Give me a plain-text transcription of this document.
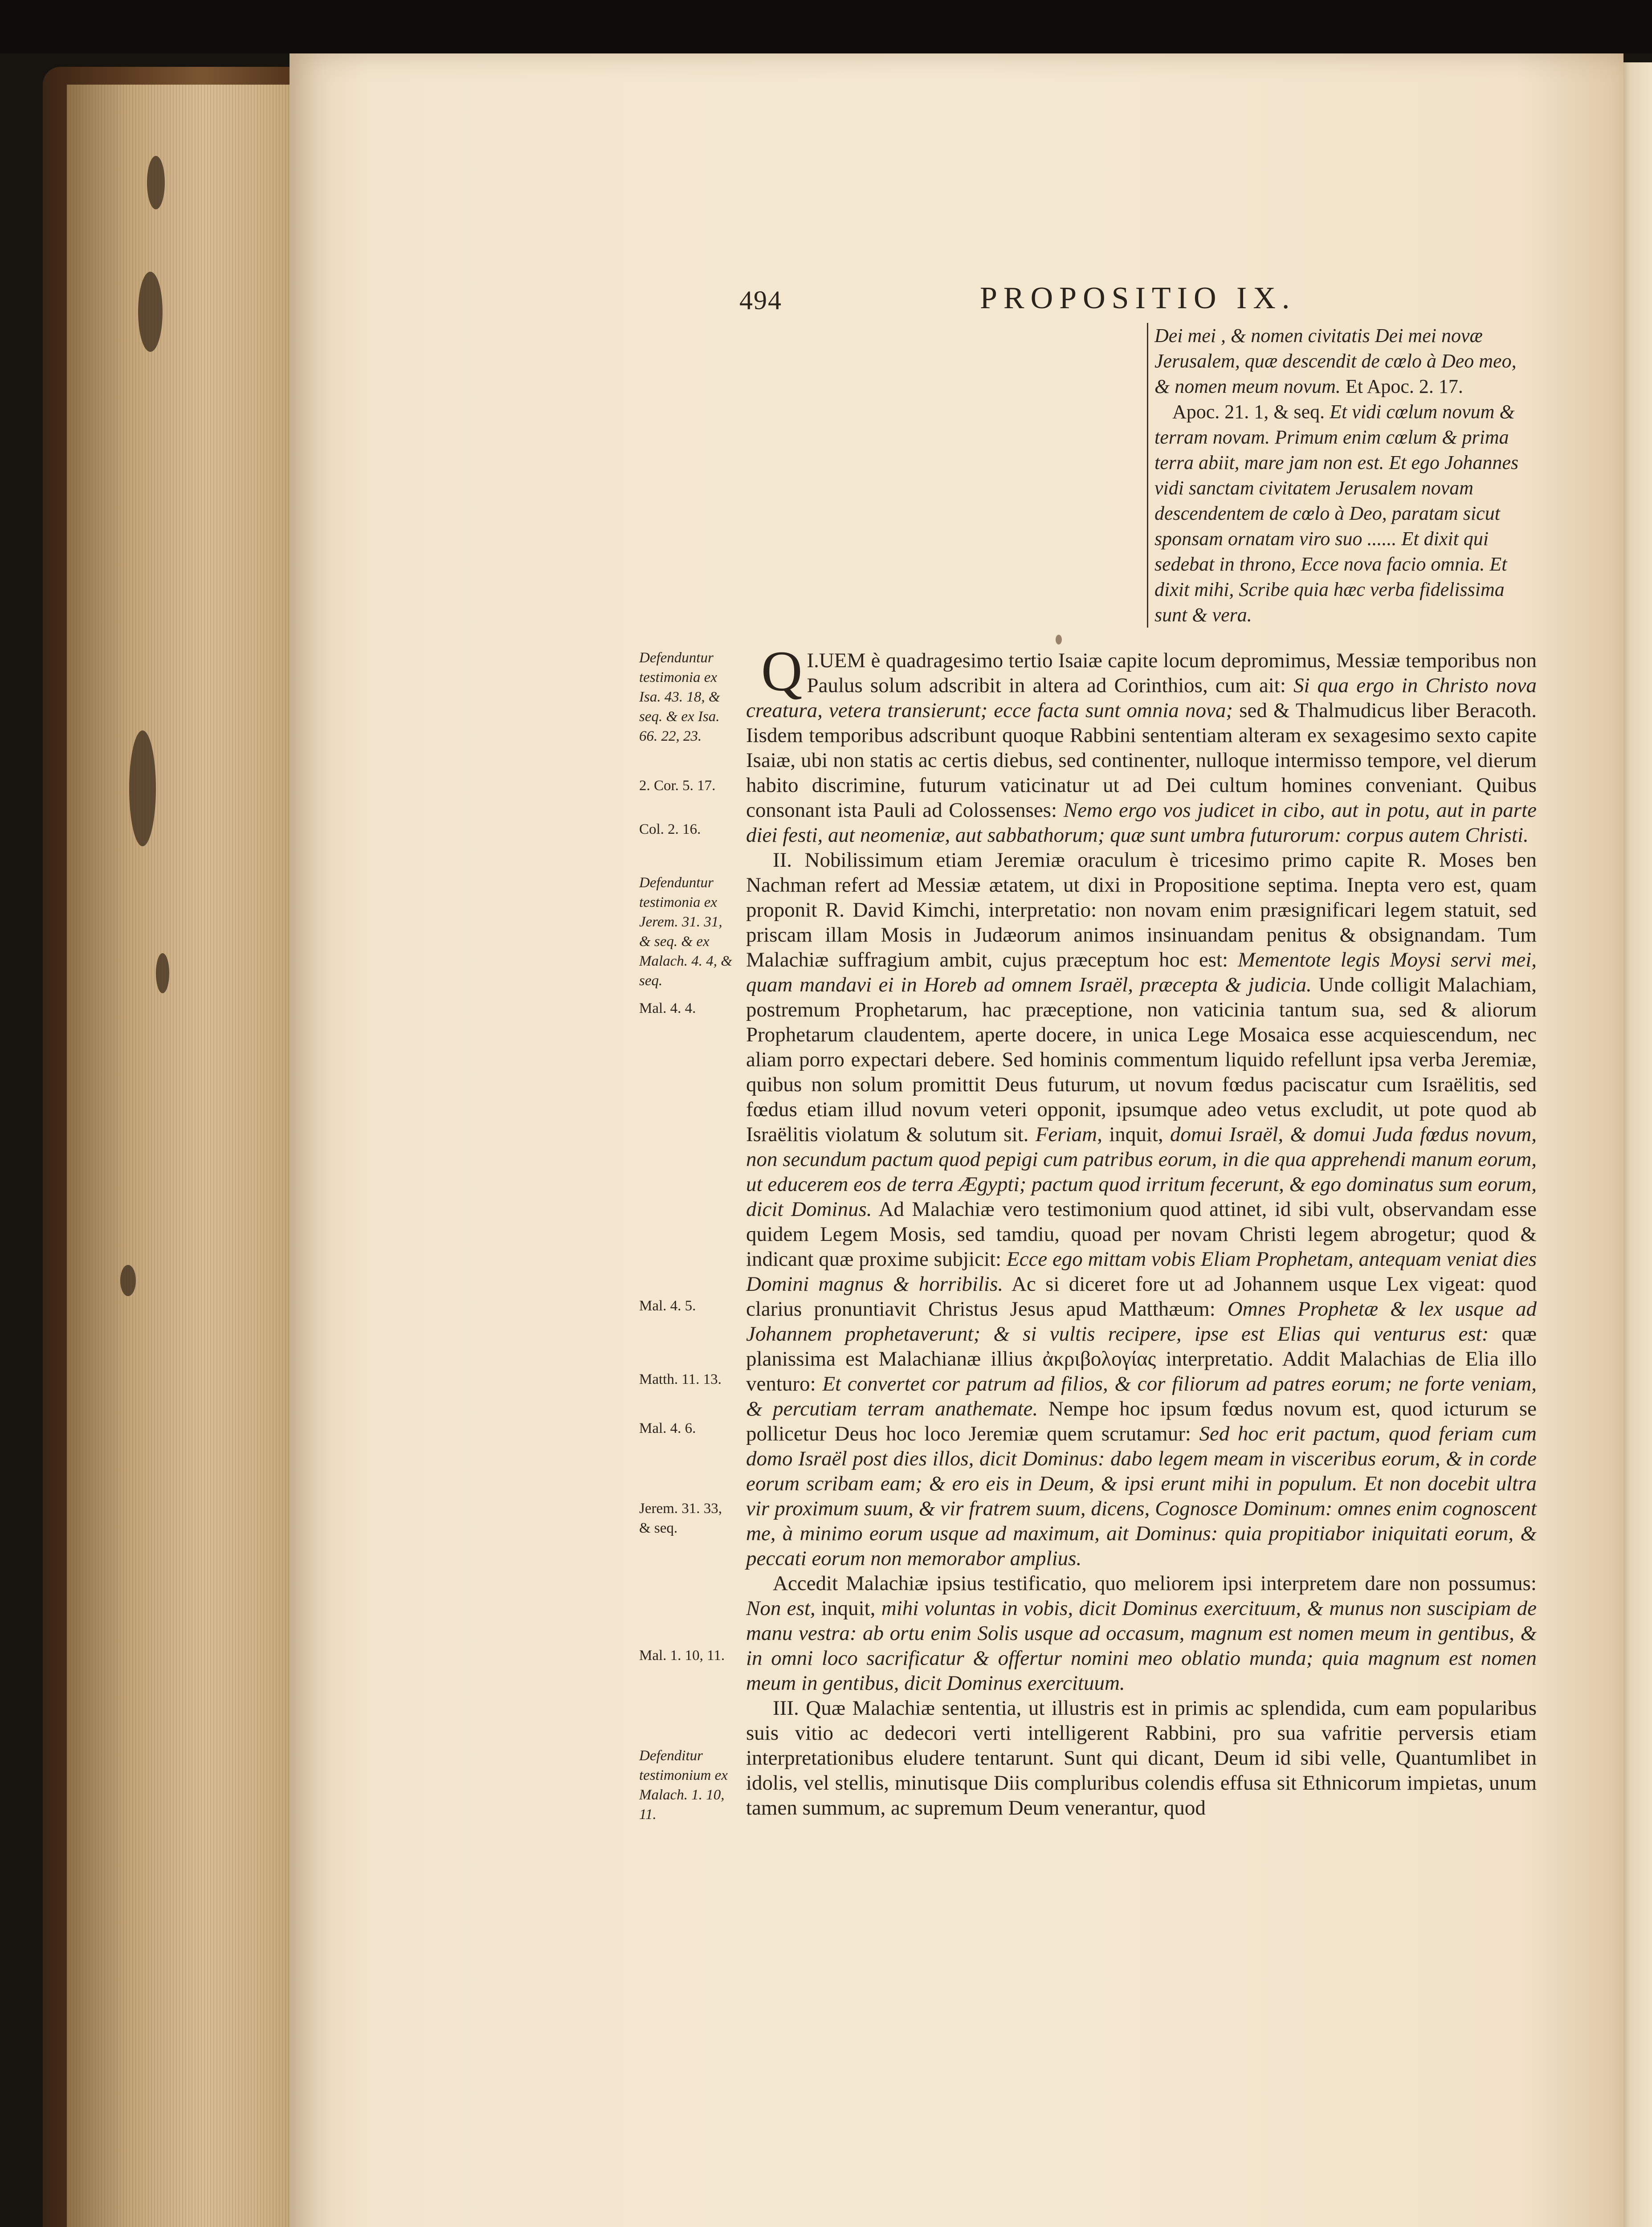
494	PROPOSITIO IX.

Dei mei , & nomen civitatis Dei mei novæ

Jerusalem, quæ descendit de cœlo à Deo meo,

& nomen meum novum. Et Apoc. 2. 17.

Apoc. 21. 1, & seq. Et vidi cœlum novum & terram novam. Primum enim cœlum & prima terra abiit, mare jam non est. Et ego Johannes vidi sanctam civitatem Jerusalem novam descendentem de cœlo à Deo, paratam sicut sponsam ornatam viro suo ...... Et dixit qui sedebat in throno, Ecce nova facio omnia. Et dixit mihi, Scribe quia hæc verba fidelissima sunt & vera.

Defenduntur testimonia ex Isa. 43. 18, & seq. & ex Isa. 66. 22, 23.
2. Cor. 5. 17.
Col. 2. 16.
Defenduntur testimonia ex Jerem. 31. 31, & seq. & ex Malach. 4. 4, & seq.
Mal. 4. 4.
Mal. 4. 5.
Matth. 11. 13.
Mal. 4. 6.
Jerem. 31. 33, & seq.
Mal. 1. 10, 11.
Defenditur testimonium ex Malach. 1. 10, 11.

I.
Q UEM è quadragesimo tertio Isaiæ capite locum depromimus, Messiæ temporibus non Paulus solum adscribit in altera ad Corinthios, cum ait: Si qua ergo in Christo nova creatura, vetera transierunt; ecce facta sunt omnia nova; sed & Thalmudicus liber Beracoth. Iisdem temporibus adscribunt quoque Rabbini sententiam alteram ex sexagesimo sexto capite Isaiæ, ubi non statis ac certis diebus, sed continenter, nulloque intermisso tempore, vel dierum habito discrimine, futurum vaticinatur ut ad Dei cultum homines conveniant. Quibus consonant ista Pauli ad Colossenses: Nemo ergo vos judicet in cibo, aut in potu, aut in parte diei festi, aut neomeniæ, aut sabbathorum; quæ sunt umbra futurorum: corpus autem Christi.

II. Nobilissimum etiam Jeremiæ oraculum è tricesimo primo capite R. Moses ben Nachman refert ad Messiæ ætatem, ut dixi in Propositione septima. Inepta vero est, quam proponit R. David Kimchi, interpretatio: non novam enim præsignificari legem statuit, sed priscam illam Mosis in Judæorum animos insinuandam penitus & obsignandam. Tum Malachiæ suffragium ambit, cujus præceptum hoc est: Mementote legis Moysi servi mei, quam mandavi ei in Horeb ad omnem Israël, præcepta & judicia. Unde colligit Malachiam, postremum Prophetarum, hac præceptione, non vaticinia tantum sua, sed & aliorum Prophetarum claudentem, aperte docere, in unica Lege Mosaica esse acquiescendum, nec aliam porro expectari debere. Sed hominis commentum liquido refellunt ipsa verba Jeremiæ, quibus non solum promittit Deus futurum, ut novum fœdus paciscatur cum Israëlitis, sed fœdus etiam illud novum veteri opponit, ipsumque adeo vetus excludit, ut pote quod ab Israëlitis violatum & solutum sit. Feriam, inquit, domui Israël, & domui Juda fœdus novum, non secundum pactum quod pepigi cum patribus eorum, in die qua apprehendi manum eorum, ut educerem eos de terra Ægypti; pactum quod irritum fecerunt, & ego dominatus sum eorum, dicit Dominus. Ad Malachiæ vero testimonium quod attinet, id sibi vult, observandam esse quidem Legem Mosis, sed tamdiu, quoad per novam Christi legem abrogetur; quod & indicant quæ proxime subjicit: Ecce ego mittam vobis Eliam Prophetam, antequam veniat dies Domini magnus & horribilis. Ac si diceret fore ut ad Johannem usque Lex vigeat: quod clarius pronuntiavit Christus Jesus apud Matthæum: Omnes Prophetæ & lex usque ad Johannem prophetaverunt; & si vultis recipere, ipse est Elias qui venturus est: quæ planissima est Malachianæ illius ἀκριβολογίας interpretatio. Addit Malachias de Elia illo venturo: Et convertet cor patrum ad filios, & cor filiorum ad patres eorum; ne forte veniam, & percutiam terram anathemate. Nempe hoc ipsum fœdus novum est, quod icturum se pollicetur Deus hoc loco Jeremiæ quem scrutamur: Sed hoc erit pactum, quod feriam cum domo Israël post dies illos, dicit Dominus: dabo legem meam in visceribus eorum, & in corde eorum scribam eam; & ero eis in Deum, & ipsi erunt mihi in populum. Et non docebit ultra vir proximum suum, & vir fratrem suum, dicens, Cognosce Dominum: omnes enim cognoscent me, à minimo eorum usque ad maximum, ait Dominus: quia propitiabor iniquitati eorum, & peccati eorum non memorabor amplius.

Accedit Malachiæ ipsius testificatio, quo meliorem ipsi interpretem dare non possumus: Non est, inquit, mihi voluntas in vobis, dicit Dominus exercituum, & munus non suscipiam de manu vestra: ab ortu enim Solis usque ad occasum, magnum est nomen meum in gentibus, & in omni loco sacrificatur & offertur nomini meo oblatio munda; quia magnum est nomen meum in gentibus, dicit Dominus exercituum.

III. Quæ Malachiæ sententia, ut illustris est in primis ac splendida, cum eam popularibus suis vitio ac dedecori verti intelligerent Rabbini, pro sua vafritie perversis etiam interpretationibus eludere tentarunt. Sunt qui dicant, Deum id sibi velle, Quantumlibet in idolis, vel stellis, minutisque Diis compluribus colendis effusa sit Ethnicorum impietas, unum tamen summum, ac supremum Deum venerantur, quod
